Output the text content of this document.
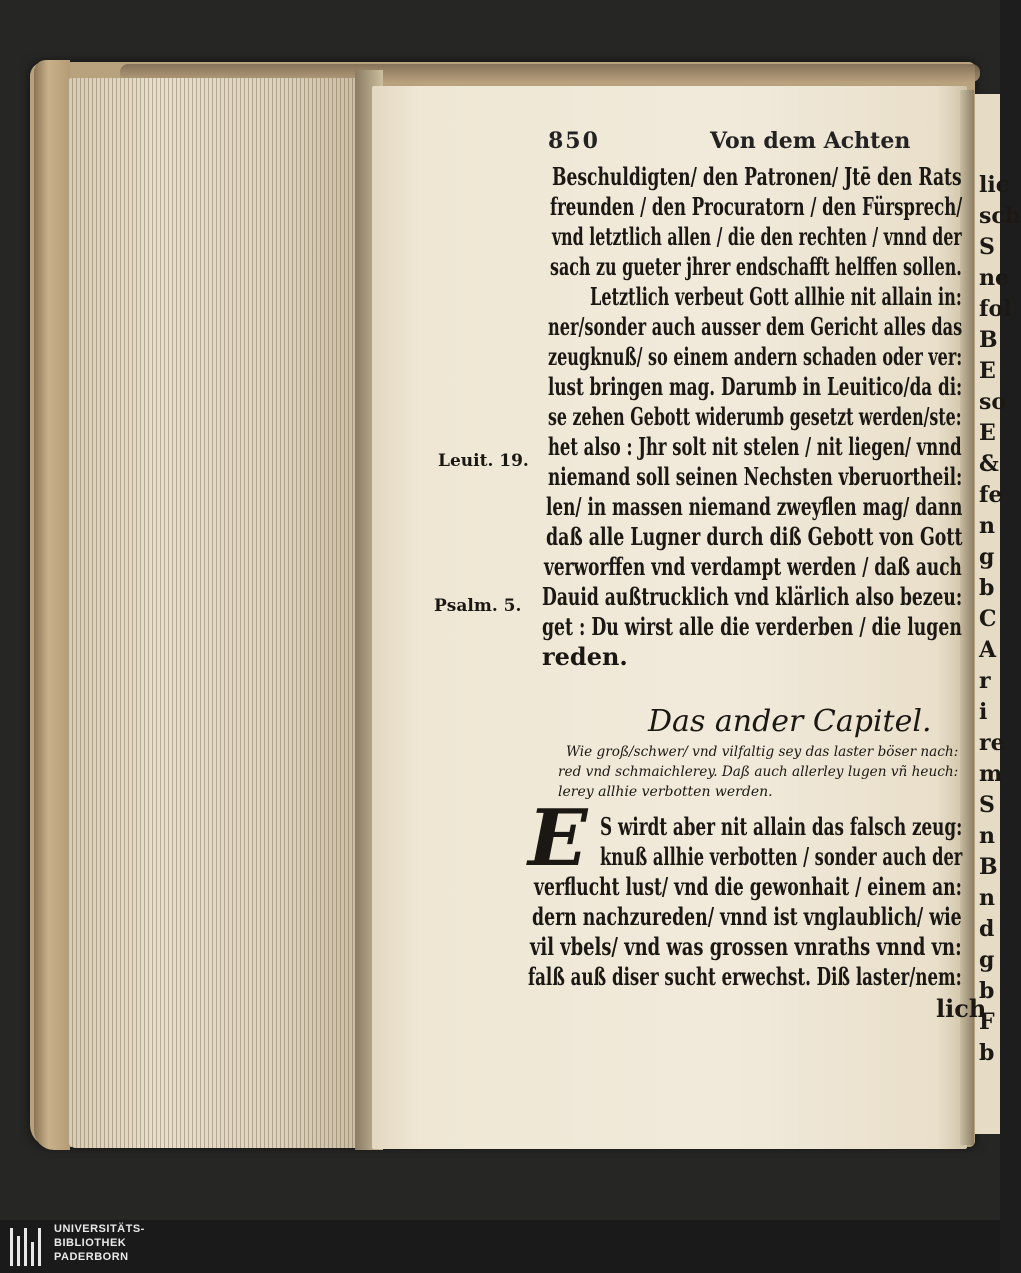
lic
sch
S
ne
fol
B
E
so
E
&
fe
n
g
b
C
A
r
i
re
m
S
n
B
n
d
g
b
F
b
850	Von dem Achten
Beschuldigten/ den Patronen/ Jtē den Rats
freunden / den Procuratorn / den Fürsprech/
vnd letztlich allen / die den rechten / vnnd der
sach zu gueter jhrer endschafft helffen sollen.
Letztlich verbeut Gott allhie nit allain in:
ner/sonder auch ausser dem Gericht alles das
zeugknuß/ so einem andern schaden oder ver:
lust bringen mag. Darumb in Leuitico/da di:
se zehen Gebott widerumb gesetzt werden/ste:
het also : Jhr solt nit stelen / nit liegen/ vnnd
niemand soll seinen Nechsten vberuortheil:
len/ in massen niemand zweyflen mag/ dann
daß alle Lugner durch diß Gebott von Gott
verworffen vnd verdampt werden / daß auch
Dauid außtrucklich vnd klärlich also bezeu:
get : Du wirst alle die verderben / die lugen
reden.
Leuit. 19.
Psalm. 5.
Das ander Capitel.
Wie groß/schwer/ vnd vilfaltig sey das laster böser nach:
red vnd schmaichlerey. Daß auch allerley lugen vñ heuch:
lerey allhie verbotten werden.
E S wirdt aber nit allain das falsch zeug:
knuß allhie verbotten / sonder auch der
verflucht lust/ vnd die gewonhait / einem an:
dern nachzureden/ vnnd ist vnglaublich/ wie
vil vbels/ vnd was grossen vnraths vnnd vn:
falß auß diser sucht erwechst. Diß laster/nem:
lich
UNIVERSITÄTS-
BIBLIOTHEK
PADERBORN
